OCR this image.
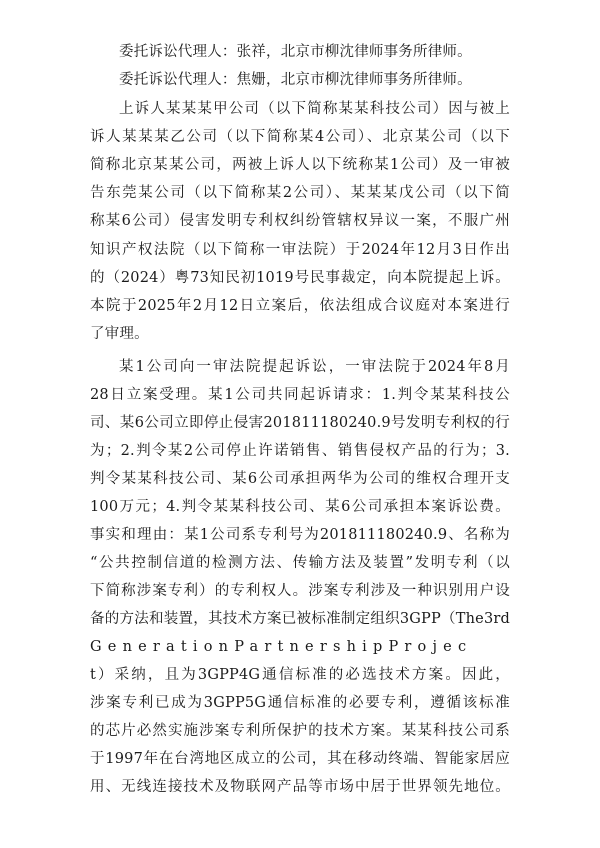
委托诉讼代理人：张祥，北京市柳沈律师事务所律师。
委托诉讼代理人：焦姗，北京市柳沈律师事务所律师。
上诉人某某某甲公司（以下简称某某科技公司）因与被上
诉人某某某乙公司（以下简称某4公司）、北京某公司（以下
简称北京某某公司，两被上诉人以下统称某1公司）及一审被
告东莞某公司（以下简称某2公司）、某某某戊公司（以下简
称某6公司）侵害发明专利权纠纷管辖权异议一案，不服广州
知识产权法院（以下简称一审法院）于2024年12月3日作出
的（2024）粤73知民初1019号民事裁定，向本院提起上诉。
本院于2025年2月12日立案后，依法组成合议庭对本案进行
了审理。
某1公司向一审法院提起诉讼，一审法院于2024年8月
28日立案受理。某1公司共同起诉请求：1.判令某某科技公
司、某6公司立即停止侵害201811180240.9号发明专利权的行
为；2.判令某2公司停止许诺销售、销售侵权产品的行为；3.
判令某某科技公司、某6公司承担两华为公司的维权合理开支
100万元；4.判令某某科技公司、某6公司承担本案诉讼费。
事实和理由：某1公司系专利号为201811180240.9、名称为
“公共控制信道的检测方法、传输方法及装置”发明专利（以
下简称涉案专利）的专利权人。涉案专利涉及一种识别用户设
备的方法和装置，其技术方案已被标准制定组织3GPP（The3rd
GenerationPartnershipProjec
t）采纳，且为3GPP4G通信标准的必选技术方案。因此，
涉案专利已成为3GPP5G通信标准的必要专利，遵循该标准
的芯片必然实施涉案专利所保护的技术方案。某某科技公司系
于1997年在台湾地区成立的公司，其在移动终端、智能家居应
用、无线连接技术及物联网产品等市场中居于世界领先地位。
